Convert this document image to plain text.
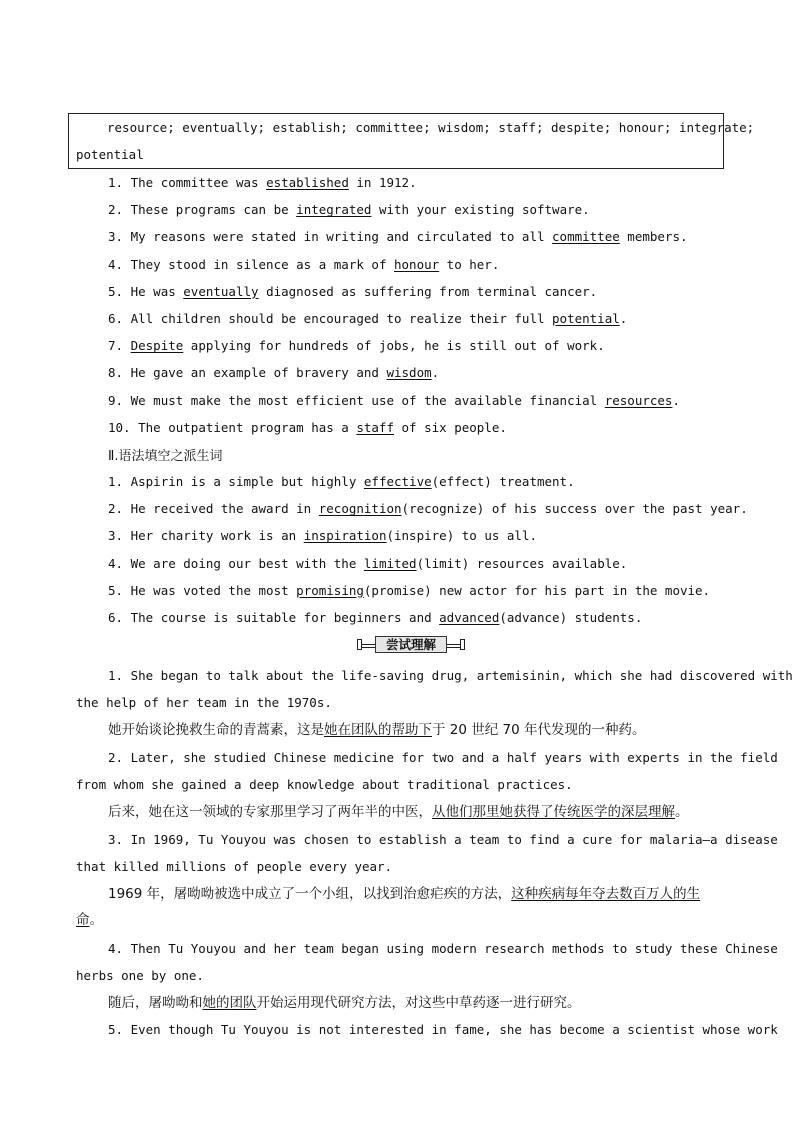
resource; eventually; establish; committee; wisdom; staff; despite; honour; integrate;
potential
1. The committee was established in 1912.
2. These programs can be integrated with your existing software.
3. My reasons were stated in writing and circulated to all committee members.
4. They stood in silence as a mark of honour to her.
5. He was eventually diagnosed as suffering from terminal cancer.
6. All children should be encouraged to realize their full potential.
7. Despite applying for hundreds of jobs, he is still out of work.
8. He gave an example of bravery and wisdom.
9. We must make the most efficient use of the available financial resources.
10. The outpatient program has a staff of six people.
Ⅱ.语法填空之派生词
1. Aspirin is a simple but highly effective(effect) treatment.
2. He received the award in recognition(recognize) of his success over the past year.
3. Her charity work is an inspiration(inspire) to us all.
4. We are doing our best with the limited(limit) resources available.
5. He was voted the most promising(promise) new actor for his part in the movie.
6. The course is suitable for beginners and advanced(advance) students.
尝试理解
1. She began to talk about the life-saving drug, artemisinin, which she had discovered with
the help of her team in the 1970s.
她开始谈论挽救生命的青蒿素，这是她在团队的帮助下于 20 世纪 70 年代发现的一种药。
2. Later, she studied Chinese medicine for two and a half years with experts in the field
from whom she gained a deep knowledge about traditional practices.
后来，她在这一领域的专家那里学习了两年半的中医，从他们那里她获得了传统医学的深层理解。
3. In 1969, Tu Youyou was chosen to establish a team to find a cure for malaria—a disease
that killed millions of people every year.
1969 年，屠呦呦被选中成立了一个小组，以找到治愈疟疾的方法，这种疾病每年夺去数百万人的生
命。
4. Then Tu Youyou and her team began using modern research methods to study these Chinese
herbs one by one.
随后，屠呦呦和她的团队开始运用现代研究方法，对这些中草药逐一进行研究。
5. Even though Tu Youyou is not interested in fame, she has become a scientist whose work
